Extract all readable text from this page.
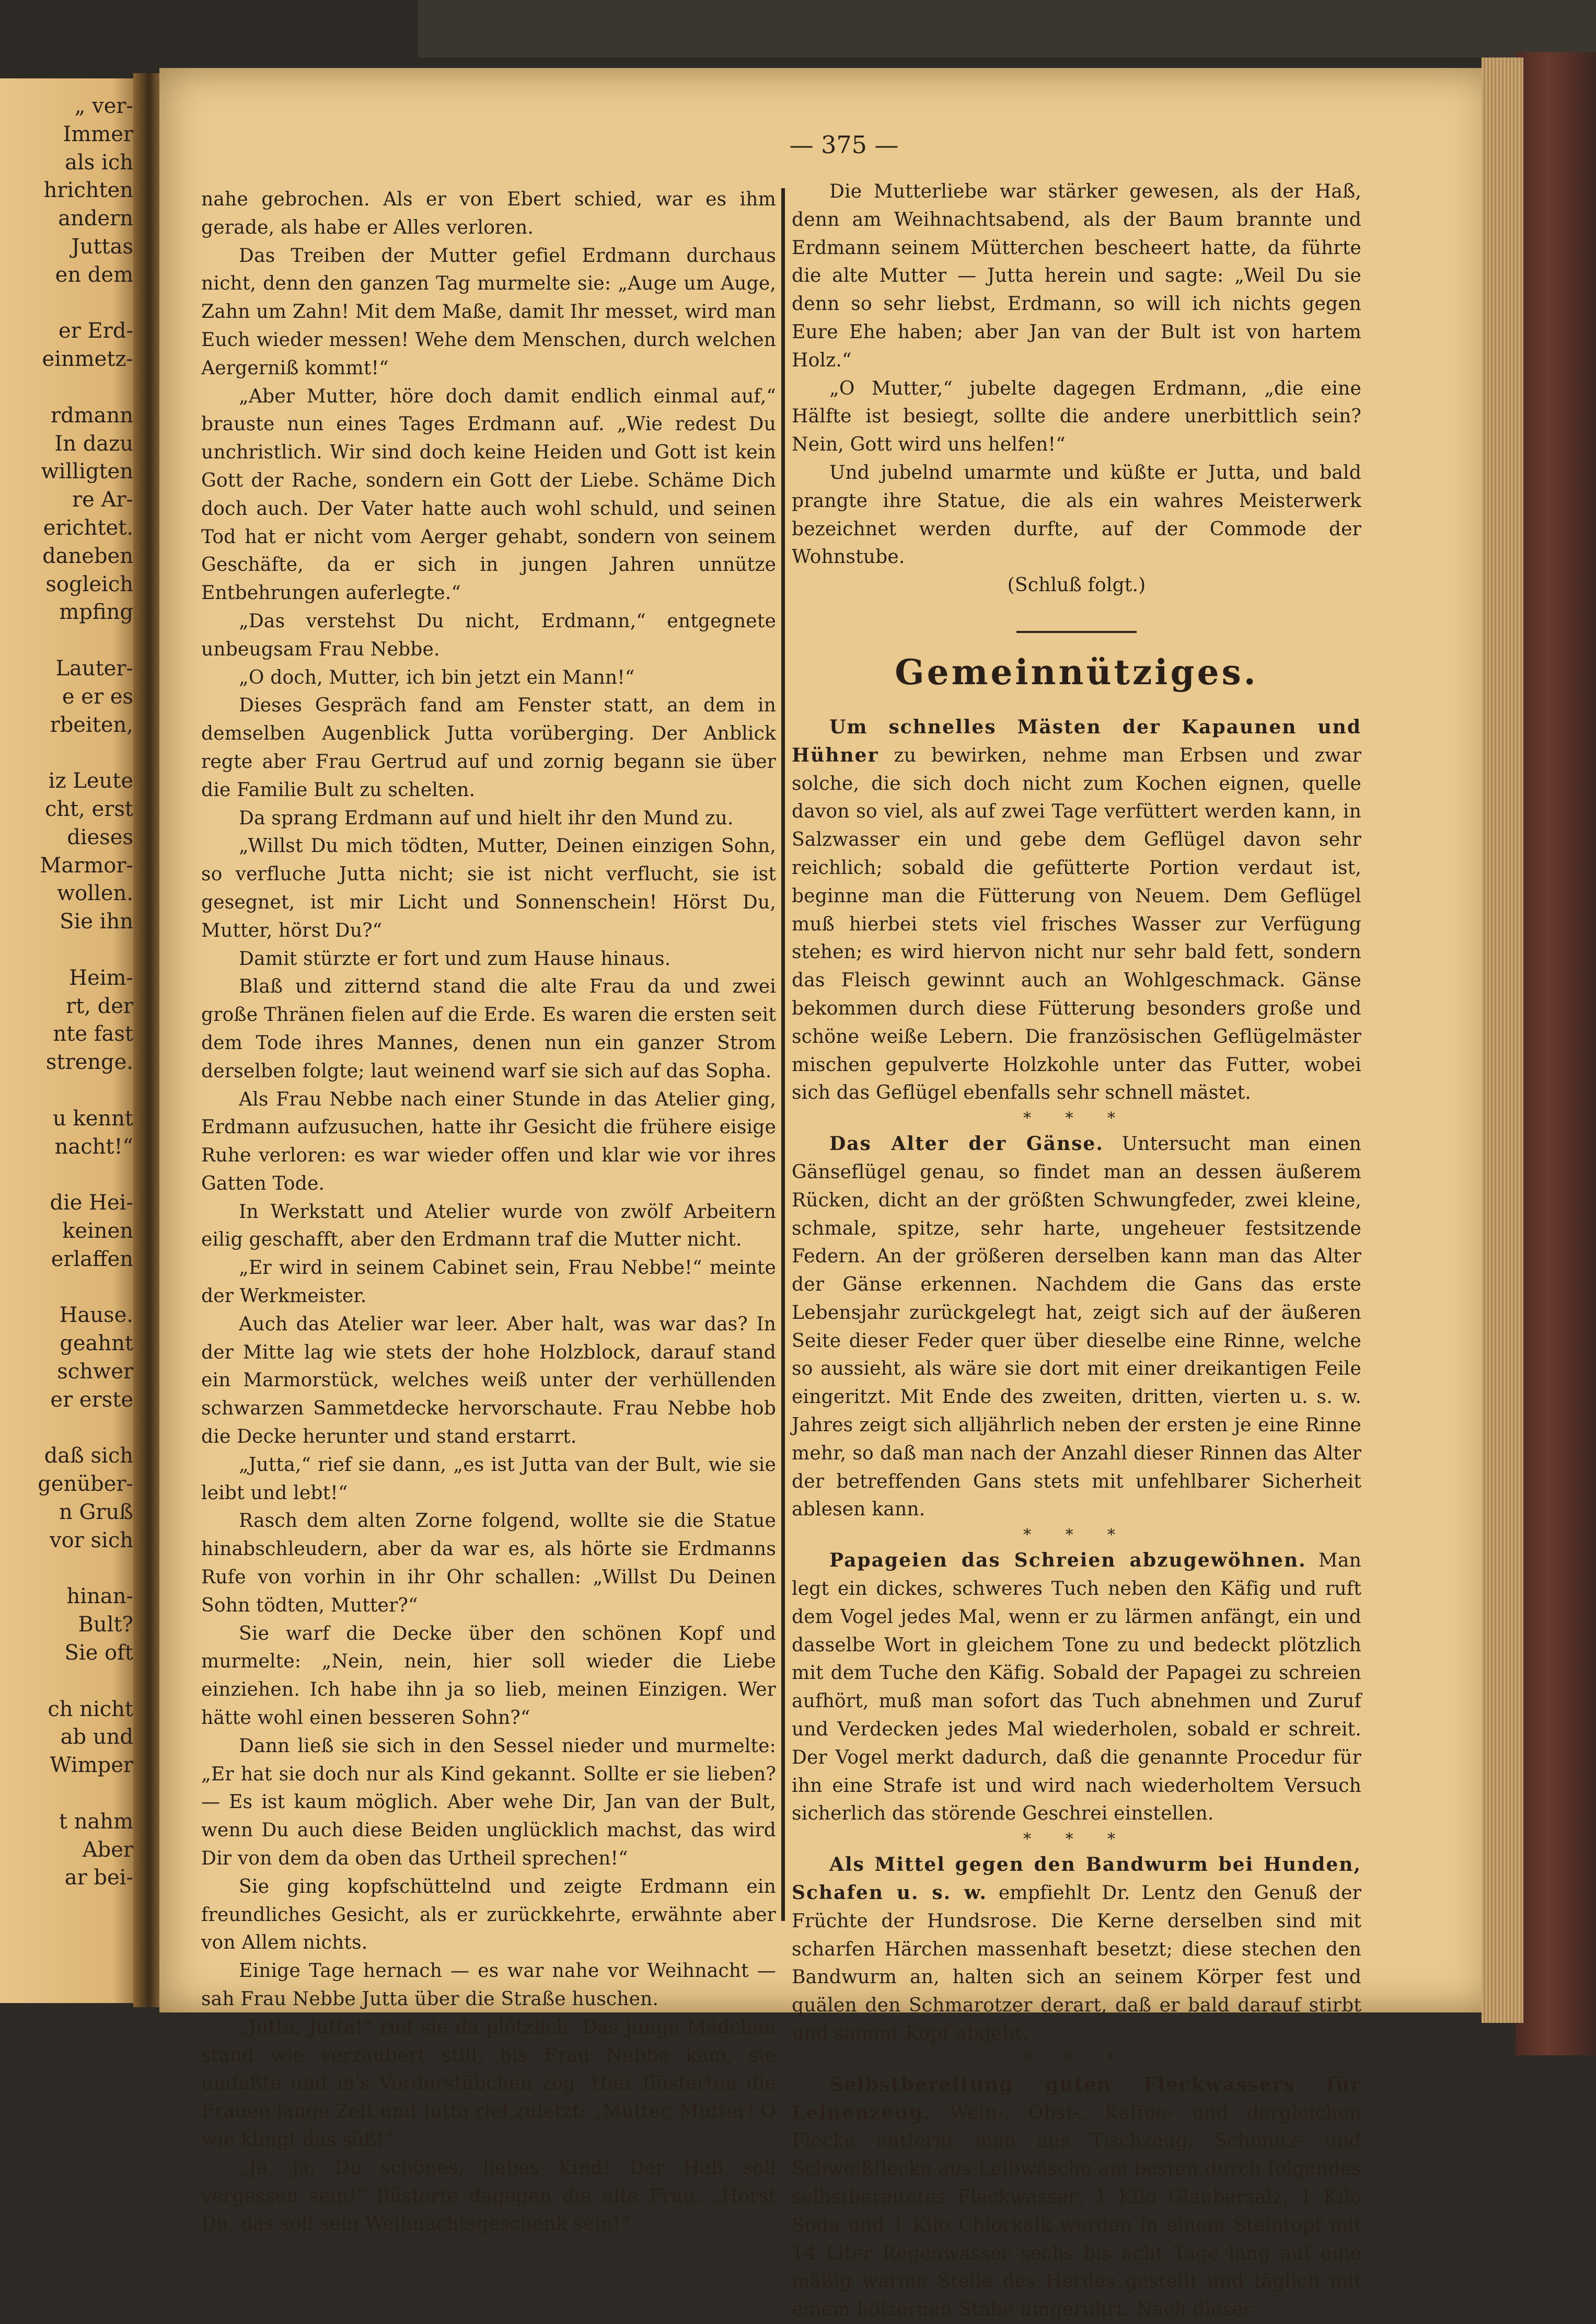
„ ver-
Immer
als ich
hrichten
andern
Juttas
en dem
er Erd-
einmetz-
rdmann
In dazu
willigten
re Ar-
erichtet.
daneben
sogleich
mpfing
Lauter-
e er es
rbeiten,
iz Leute
cht, erst
dieses
Marmor-
wollen.
Sie ihn
Heim-
rt, der
nte fast
strenge.
u kennt
nacht!“
die Hei-
keinen
erlaffen
Hause.
geahnt
schwer
er erste
daß sich
genüber-
n Gruß
vor sich
hinan-
Bult?
Sie oft
ch nicht
ab und
Wimper
t nahm
Aber
ar bei-
— 375 —

nahe gebrochen. Als er von Ebert schied, war es ihm gerade, als habe er Alles verloren.

Das Treiben der Mutter gefiel Erdmann durchaus nicht, denn den ganzen Tag murmelte sie: „Auge um Auge, Zahn um Zahn! Mit dem Maße, damit Ihr messet, wird man Euch wieder messen! Wehe dem Menschen, durch welchen Aergerniß kommt!“

„Aber Mutter, höre doch damit endlich einmal auf,“ brauste nun eines Tages Erdmann auf. „Wie redest Du unchristlich. Wir sind doch keine Heiden und Gott ist kein Gott der Rache, sondern ein Gott der Liebe. Schäme Dich doch auch. Der Vater hatte auch wohl schuld, und seinen Tod hat er nicht vom Aerger gehabt, sondern von seinem Geschäfte, da er sich in jungen Jahren unnütze Entbehrungen auferlegte.“

„Das verstehst Du nicht, Erdmann,“ entgegnete unbeugsam Frau Nebbe.

„O doch, Mutter, ich bin jetzt ein Mann!“

Dieses Gespräch fand am Fenster statt, an dem in demselben Augenblick Jutta vorüberging. Der Anblick regte aber Frau Gertrud auf und zornig begann sie über die Familie Bult zu schelten.

Da sprang Erdmann auf und hielt ihr den Mund zu.

„Willst Du mich tödten, Mutter, Deinen einzigen Sohn, so verfluche Jutta nicht; sie ist nicht verflucht, sie ist gesegnet, ist mir Licht und Sonnenschein! Hörst Du, Mutter, hörst Du?“

Damit stürzte er fort und zum Hause hinaus.

Blaß und zitternd stand die alte Frau da und zwei große Thränen fielen auf die Erde. Es waren die ersten seit dem Tode ihres Mannes, denen nun ein ganzer Strom derselben folgte; laut weinend warf sie sich auf das Sopha.

Als Frau Nebbe nach einer Stunde in das Atelier ging, Erdmann aufzusuchen, hatte ihr Gesicht die frühere eisige Ruhe verloren: es war wieder offen und klar wie vor ihres Gatten Tode.

In Werkstatt und Atelier wurde von zwölf Arbeitern eilig geschafft, aber den Erdmann traf die Mutter nicht.

„Er wird in seinem Cabinet sein, Frau Nebbe!“ meinte der Werkmeister.

Auch das Atelier war leer. Aber halt, was war das? In der Mitte lag wie stets der hohe Holzblock, darauf stand ein Marmorstück, welches weiß unter der verhüllenden schwarzen Sammetdecke hervorschaute. Frau Nebbe hob die Decke herunter und stand erstarrt.

„Jutta,“ rief sie dann, „es ist Jutta van der Bult, wie sie leibt und lebt!“

Rasch dem alten Zorne folgend, wollte sie die Statue hinabschleudern, aber da war es, als hörte sie Erdmanns Rufe von vorhin in ihr Ohr schallen: „Willst Du Deinen Sohn tödten, Mutter?“

Sie warf die Decke über den schönen Kopf und murmelte: „Nein, nein, hier soll wieder die Liebe einziehen. Ich habe ihn ja so lieb, meinen Einzigen. Wer hätte wohl einen besseren Sohn?“

Dann ließ sie sich in den Sessel nieder und murmelte: „Er hat sie doch nur als Kind gekannt. Sollte er sie lieben? — Es ist kaum möglich. Aber wehe Dir, Jan van der Bult, wenn Du auch diese Beiden unglücklich machst, das wird Dir von dem da oben das Urtheil sprechen!“

Sie ging kopfschüttelnd und zeigte Erdmann ein freundliches Gesicht, als er zurückkehrte, erwähnte aber von Allem nichts.

Einige Tage hernach — es war nahe vor Weihnacht — sah Frau Nebbe Jutta über die Straße huschen.

„Jutta, Jutta!“ rief sie da plötzlich. Das junge Mädchen stand wie verzaubert still, bis Frau Nebbe kam, sie umfaßte und in's Vorderstübchen zog. Hier flüsterten die Frauen lange Zeit und Jutta rief zuletzt: „Mutter, Mutter! O wie klingt das süß!“

„Ja, ja, Du schönes, liebes Kind! Der Haß soll vergessen sein!“ flüsterte dagegen die alte Frau. „Hörst Du, das soll sein Weihnachtsgeschenk sein!“

Die Mutterliebe war stärker gewesen, als der Haß, denn am Weihnachtsabend, als der Baum brannte und Erdmann seinem Mütterchen bescheert hatte, da führte die alte Mutter — Jutta herein und sagte: „Weil Du sie denn so sehr liebst, Erdmann, so will ich nichts gegen Eure Ehe haben; aber Jan van der Bult ist von hartem Holz.“

„O Mutter,“ jubelte dagegen Erdmann, „die eine Hälfte ist besiegt, sollte die andere unerbittlich sein? Nein, Gott wird uns helfen!“

Und jubelnd umarmte und küßte er Jutta, und bald prangte ihre Statue, die als ein wahres Meisterwerk bezeichnet werden durfte, auf der Commode der Wohnstube.

(Schluß folgt.)

Gemeinnütziges.

Um schnelles Mästen der Kapaunen und Hühner zu bewirken, nehme man Erbsen und zwar solche, die sich doch nicht zum Kochen eignen, quelle davon so viel, als auf zwei Tage verfüttert werden kann, in Salzwasser ein und gebe dem Geflügel davon sehr reichlich; sobald die gefütterte Portion verdaut ist, beginne man die Fütterung von Neuem. Dem Geflügel muß hierbei stets viel frisches Wasser zur Verfügung stehen; es wird hiervon nicht nur sehr bald fett, sondern das Fleisch gewinnt auch an Wohlgeschmack. Gänse bekommen durch diese Fütterung besonders große und schöne weiße Lebern. Die französischen Geflügelmäster mischen gepulverte Holzkohle unter das Futter, wobei sich das Geflügel ebenfalls sehr schnell mästet.

* * *

Das Alter der Gänse. Untersucht man einen Gänseflügel genau, so findet man an dessen äußerem Rücken, dicht an der größten Schwungfeder, zwei kleine, schmale, spitze, sehr harte, ungeheuer festsitzende Federn. An der größeren derselben kann man das Alter der Gänse erkennen. Nachdem die Gans das erste Lebensjahr zurückgelegt hat, zeigt sich auf der äußeren Seite dieser Feder quer über dieselbe eine Rinne, welche so aussieht, als wäre sie dort mit einer dreikantigen Feile eingeritzt. Mit Ende des zweiten, dritten, vierten u. s. w. Jahres zeigt sich alljährlich neben der ersten je eine Rinne mehr, so daß man nach der Anzahl dieser Rinnen das Alter der betreffenden Gans stets mit unfehlbarer Sicherheit ablesen kann.

* * *

Papageien das Schreien abzugewöhnen. Man legt ein dickes, schweres Tuch neben den Käfig und ruft dem Vogel jedes Mal, wenn er zu lärmen anfängt, ein und dasselbe Wort in gleichem Tone zu und bedeckt plötzlich mit dem Tuche den Käfig. Sobald der Papagei zu schreien aufhört, muß man sofort das Tuch abnehmen und Zuruf und Verdecken jedes Mal wiederholen, sobald er schreit. Der Vogel merkt dadurch, daß die genannte Procedur für ihn eine Strafe ist und wird nach wiederholtem Versuch sicherlich das störende Geschrei einstellen.

* * *

Als Mittel gegen den Bandwurm bei Hunden, Schafen u. s. w. empfiehlt Dr. Lentz den Genuß der Früchte der Hundsrose. Die Kerne derselben sind mit scharfen Härchen massenhaft besetzt; diese stechen den Bandwurm an, halten sich an seinem Körper fest und quälen den Schmarotzer derart, daß er bald darauf stirbt und sammt Kopf abgeht.

* * *

Selbstbereitung guten Fleckwassers für Leinenzeug. Wein-, Obst-, Kaffee- und dergleichen Flecke entfernt man aus Tischzeug, Schmutz- und Schweißflecke aus Leibwäsche am besten durch folgendes selbstbereitetes Fleckwasser: 1 Kilo Glaubersalz, 1 Kilo Soda und 1 Kilo Chlorkalk werden in einem Steintopf mit 14 Liter Regenwasser sechs bis acht Tage lang auf eine mäßig warme Stelle des Herdes gestellt und täglich mit einem hölzernen Stabe umgerührt. Nach dieser
